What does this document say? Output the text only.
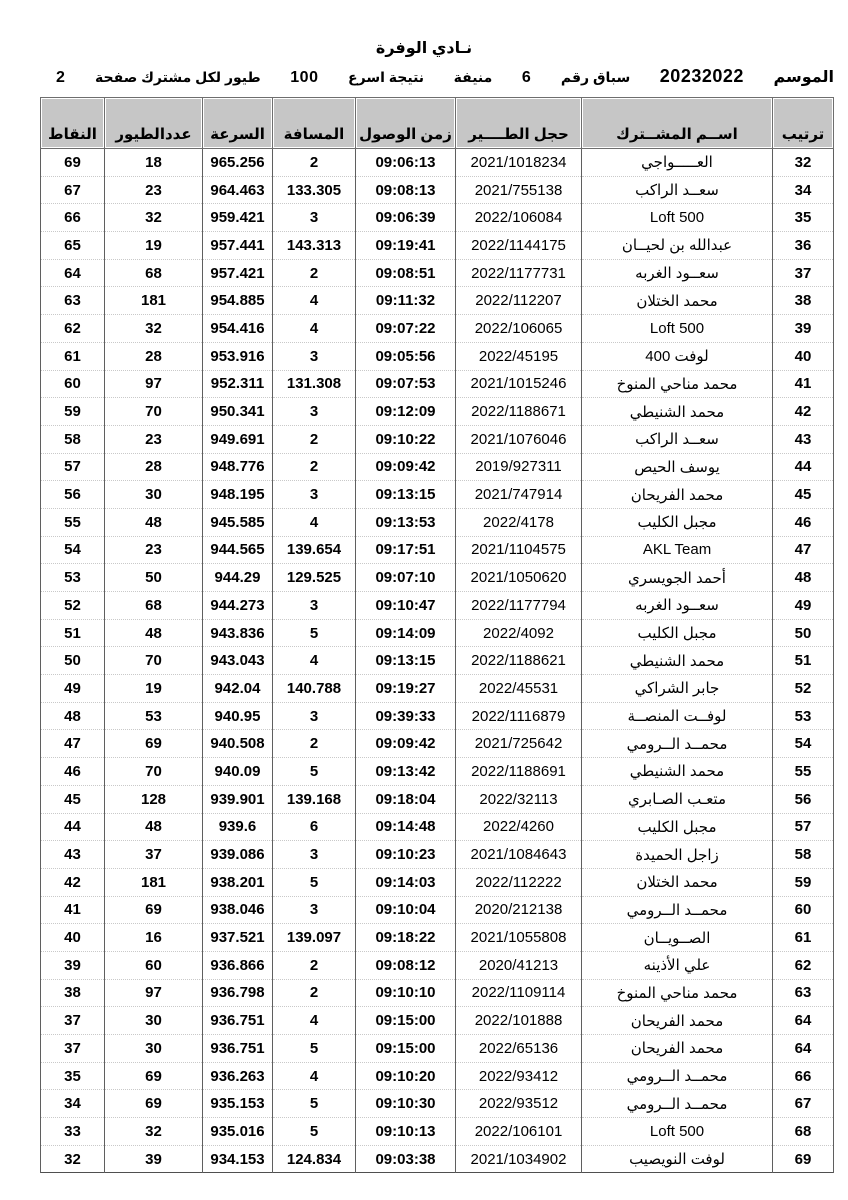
نـادي الوفرة
الموسم
20232022
سباق رقم
6
منيفة
نتيجة اسرع
100
طيور لكل مشترك صفحة
2
ترتيب	اســم المشــترك	حجل الطــــير	زمن الوصول	المسافة	السرعة	عددالطيور	النقاط
32	العـــــواجي	2021/1018234	09:06:13	2	965.256	18	69
34	سعــد الراكب	2021/755138	09:08:13	133.305	964.463	23	67
35	Loft 500	2022/106084	09:06:39	3	959.421	32	66
36	عبدالله بن لحيــان	2022/1144175	09:19:41	143.313	957.441	19	65
37	سعــود الغربه	2022/1177731	09:08:51	2	957.421	68	64
38	محمد الختلان	2022/112207	09:11:32	4	954.885	181	63
39	Loft 500	2022/106065	09:07:22	4	954.416	32	62
40	لوفت 400	2022/45195	09:05:56	3	953.916	28	61
41	محمد مناحي المنوخ	2021/1015246	09:07:53	131.308	952.311	97	60
42	محمد الشنيطي	2022/1188671	09:12:09	3	950.341	70	59
43	سعــد الراكب	2021/1076046	09:10:22	2	949.691	23	58
44	يوسف الحيص	2019/927311	09:09:42	2	948.776	28	57
45	محمد الفريحان	2021/747914	09:13:15	3	948.195	30	56
46	مجبل الكليب	2022/4178	09:13:53	4	945.585	48	55
47	AKL Team	2021/1104575	09:17:51	139.654	944.565	23	54
48	أحمد الجويسري	2021/1050620	09:07:10	129.525	944.29	50	53
49	سعــود الغربه	2022/1177794	09:10:47	3	944.273	68	52
50	مجبل الكليب	2022/4092	09:14:09	5	943.836	48	51
51	محمد الشنيطي	2022/1188621	09:13:15	4	943.043	70	50
52	جابر الشراكي	2022/45531	09:19:27	140.788	942.04	19	49
53	لوفــت المنصــة	2022/1116879	09:39:33	3	940.95	53	48
54	محمــد الــرومي	2021/725642	09:09:42	2	940.508	69	47
55	محمد الشنيطي	2022/1188691	09:13:42	5	940.09	70	46
56	متعـب الصـابري	2022/32113	09:18:04	139.168	939.901	128	45
57	مجبل الكليب	2022/4260	09:14:48	6	939.6	48	44
58	زاجل الحميدة	2021/1084643	09:10:23	3	939.086	37	43
59	محمد الختلان	2022/112222	09:14:03	5	938.201	181	42
60	محمــد الــرومي	2020/212138	09:10:04	3	938.046	69	41
61	الصــويــان	2021/1055808	09:18:22	139.097	937.521	16	40
62	علي الأذينه	2020/41213	09:08:12	2	936.866	60	39
63	محمد مناحي المنوخ	2022/1109114	09:10:10	2	936.798	97	38
64	محمد الفريحان	2022/101888	09:15:00	4	936.751	30	37
64	محمد الفريحان	2022/65136	09:15:00	5	936.751	30	37
66	محمــد الــرومي	2022/93412	09:10:20	4	936.263	69	35
67	محمــد الــرومي	2022/93512	09:10:30	5	935.153	69	34
68	Loft 500	2022/106101	09:10:13	5	935.016	32	33
69	لوفت النويصيب	2021/1034902	09:03:38	124.834	934.153	39	32
